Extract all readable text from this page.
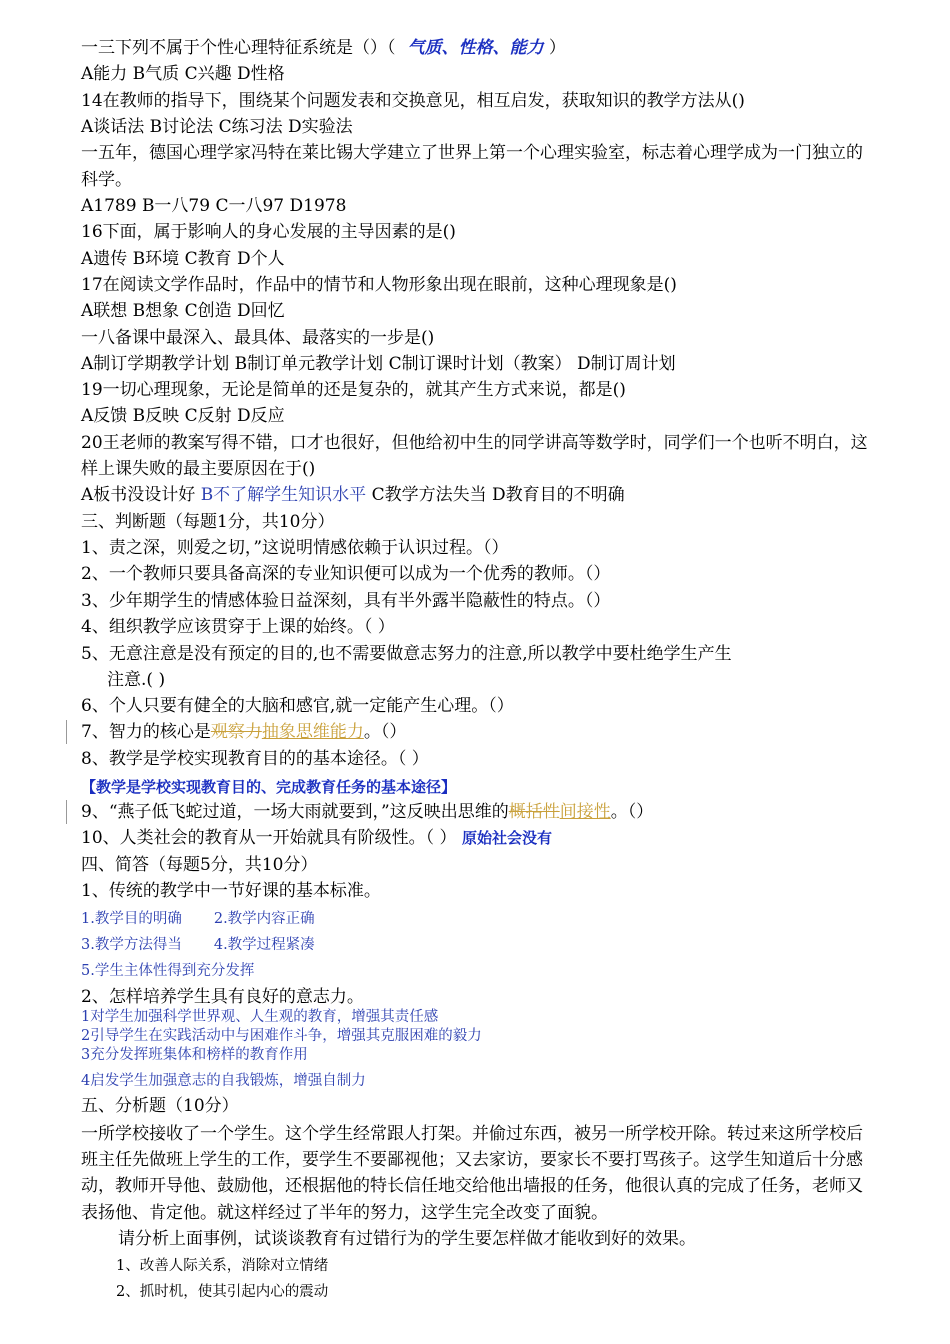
一三下列不属于个性心理特征系统是（）（ 气质、性格、能力 ）
A能力 B气质 C兴趣 D性格
14在教师的指导下，围绕某个问题发表和交换意见，相互启发，获取知识的教学方法从()
A谈话法 B讨论法 C练习法 D实验法
一五年，德国心理学家冯特在莱比锡大学建立了世界上第一个心理实验室，标志着心理学成为一门独立的
科学。
A1789 B一八79 C一八97 D1978
16下面，属于影响人的身心发展的主导因素的是()
A遗传 B环境 C教育 D个人
17在阅读文学作品时，作品中的情节和人物形象出现在眼前，这种心理现象是()
A联想 B想象 C创造 D回忆
一八备课中最深入、最具体、最落实的一步是()
A制订学期教学计划 B制订单元教学计划 C制订课时计划（教案） D制订周计划
19一切心理现象，无论是简单的还是复杂的，就其产生方式来说，都是()
A反馈 B反映 C反射 D反应
20王老师的教案写得不错，口才也很好，但他给初中生的同学讲高等数学时，同学们一个也听不明白，这
样上课失败的最主要原因在于()
A板书没设计好 B不了解学生知识水平 C教学方法失当 D教育目的不明确
三、判断题（每题1分，共10分）
1、责之深，则爱之切，”这说明情感依赖于认识过程。（）
2、一个教师只要具备高深的专业知识便可以成为一个优秀的教师。（）
3、少年期学生的情感体验日益深刻，具有半外露半隐蔽性的特点。（）
4、组织教学应该贯穿于上课的始终。（ ）
5、无意注意是没有预定的目的,也不需要做意志努力的注意,所以教学中要杜绝学生产生
注意.( )
6、个人只要有健全的大脑和感官,就一定能产生心理。（）
7、智力的核心是观察力抽象思维能力。（）
8、教学是学校实现教育目的的基本途径。（ ）
【教学是学校实现教育目的、完成教育任务的基本途径】
9、“燕子低飞蛇过道，一场大雨就要到，”这反映出思维的概括性间接性。（）
10、人类社会的教育从一开始就具有阶级性。（ ） 原始社会没有
四、简答（每题5分，共10分）
1、传统的教学中一节好课的基本标准。
1.教学目的明确 2.教学内容正确
3.教学方法得当 4.教学过程紧凑
5.学生主体性得到充分发挥
2、怎样培养学生具有良好的意志力。
1对学生加强科学世界观、人生观的教育，增强其责任感
2引导学生在实践活动中与困难作斗争，增强其克服困难的毅力
3充分发挥班集体和榜样的教育作用
4启发学生加强意志的自我锻炼，增强自制力
五、分析题（10分）
一所学校接收了一个学生。这个学生经常跟人打架。并偷过东西，被另一所学校开除。转过来这所学校后
班主任先做班上学生的工作，要学生不要鄙视他；又去家访，要家长不要打骂孩子。这学生知道后十分感
动，教师开导他、鼓励他，还根据他的特长信任地交给他出墙报的任务，他很认真的完成了任务，老师又
表扬他、肯定他。就这样经过了半年的努力，这学生完全改变了面貌。
请分析上面事例，试谈谈教育有过错行为的学生要怎样做才能收到好的效果。
1、改善人际关系，消除对立情绪
2、抓时机，使其引起内心的震动
